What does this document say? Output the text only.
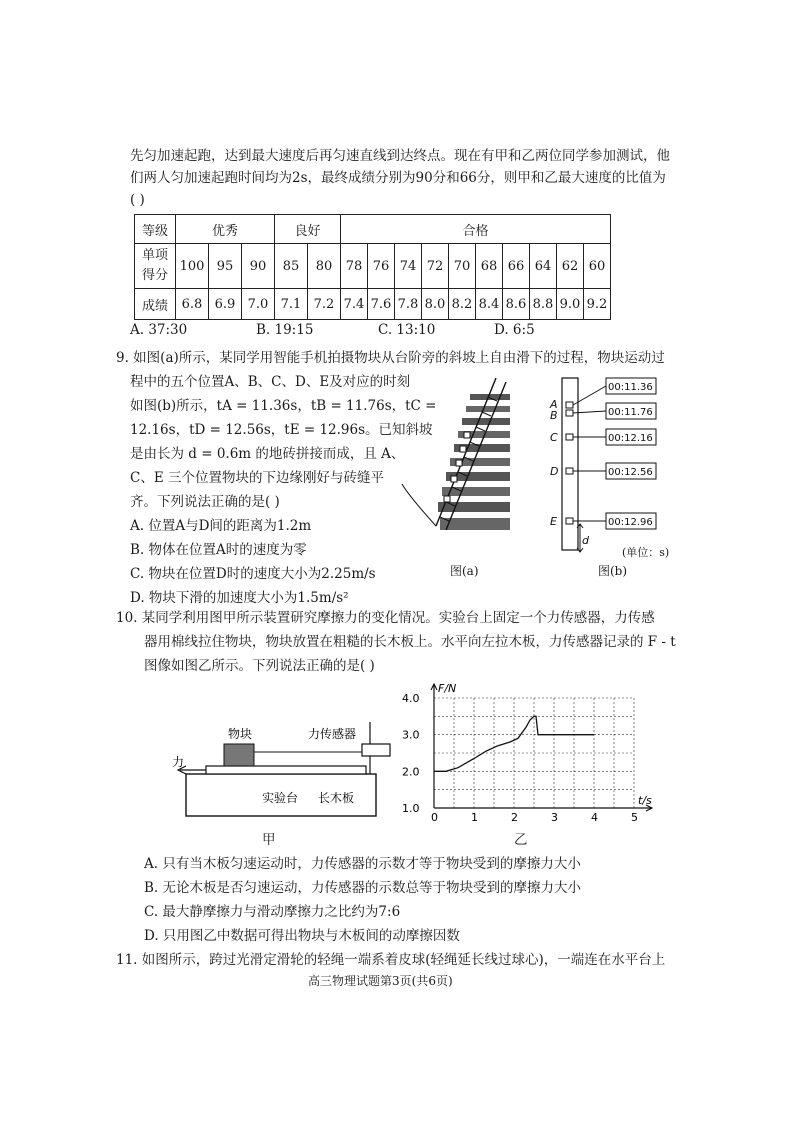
先匀加速起跑，达到最大速度后再匀速直线到达终点。现在有甲和乙两位同学参加测试，他
们两人匀加速起跑时间均为2s，最终成绩分别为90分和66分，则甲和乙最大速度的比值为
( )
等级	优秀			良好		合格									
单项
得分	100	95	90	85	80	78	76	74	72	70	68	66	64	62	60
成绩	6.8	6.9	7.0	7.1	7.2	7.4	7.6	7.8	8.0	8.2	8.4	8.6	8.8	9.0	9.2
A. 37:30	B. 19:15	C. 13:10	D. 6:5
9. 如图(a)所示，某同学用智能手机拍摄物块从台阶旁的斜坡上自由滑下的过程，物块运动过
程中的五个位置A、B、C、D、E及对应的时刻
如图(b)所示，tA = 11.36s，tB = 11.76s，tC =
12.16s，tD = 12.56s，tE = 12.96s。已知斜坡
是由长为 d = 0.6m 的地砖拼接而成，且 A、
C、E 三个位置物块的下边缘刚好与砖缝平
齐。下列说法正确的是( )
A. 位置A与D间的距离为1.2m
B. 物体在位置A时的速度为零
C. 物块在位置D时的速度大小为2.25m/s
D. 物块下滑的加速度大小为1.5m/s²
图(a)
00:11.36
00:11.76
00:12.16
00:12.56
00:12.96
A
B
C
D
E
d
(单位：s)
图(b)
10. 某同学利用图甲所示装置研究摩擦力的变化情况。实验台上固定一个力传感器，力传感
器用棉线拉住物块，物块放置在粗糙的长木板上。水平向左拉木板，力传感器记录的 F - t
图像如图乙所示。下列说法正确的是( )
物块	力传感器
力
实验台 长木板
甲
0	1	2	3	4	5
1.0
2.0
3.0
4.0
F/N
t/s
乙
A. 只有当木板匀速运动时，力传感器的示数才等于物块受到的摩擦力大小
B. 无论木板是否匀速运动，力传感器的示数总等于物块受到的摩擦力大小
C. 最大静摩擦力与滑动摩擦力之比约为7:6
D. 只用图乙中数据可得出物块与木板间的动摩擦因数
11. 如图所示，跨过光滑定滑轮的轻绳一端系着皮球(轻绳延长线过球心)，一端连在水平台上
高三物理试题第3页(共6页)
